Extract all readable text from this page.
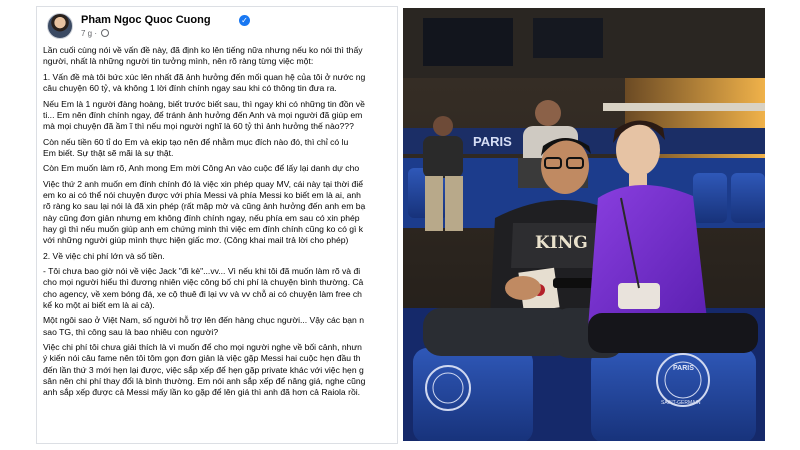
Pham Ngoc Quoc Cuong	✓
7 g ·

Lần cuối cùng nói về vấn đề này, đã định ko lên tiếng nữa nhưng nếu ko nói thì thấy

người, nhất là những người tin tưởng mình, nên rõ ràng từng việc một:

1. Vấn đề mà tôi bức xúc lên nhất đã ảnh hưởng đến mối quan hệ của tôi ở nước ng

câu chuyện 60 tỷ, và không 1 lời đính chính ngay sau khi có thông tin đưa ra.

Nếu Em là 1 người đàng hoàng, biết trước biết sau, thì ngay khi có những tin đồn về

ti... Em nên đính chính ngay, để tránh ảnh hưởng đến Anh và mọi người đã giúp em

mà mọi chuyện đã ầm ĩ thì nếu mọi người nghĩ là 60 tỷ thì ảnh hưởng thế nào???

Còn nếu tiền 60 tỉ do Em và ekip tạo nên để nhằm mục đích nào đó, thì chỉ có lu

Em biết. Sự thật sẽ mãi là sự thật.

Còn Em muốn làm rõ, Anh mong Em mời Công An vào cuộc để lấy lại danh dự cho

Việc thứ 2 anh muốn em đính chính đó là việc xin phép quay MV, cái này tại thời điể

em ko ai có thể nói chuyện được với phía Messi và phía Messi ko biết em là ai, anh

rõ ràng ko sau lại nói là đã xin phép (rất mập mờ và cũng ảnh hưởng đến anh em bạ

này cũng đơn giản nhưng em không đính chính ngay, nếu phía em sau có xin phép

hay gì thì nếu muốn giúp anh em chứng minh thì việc em đính chính cũng ko có gì k

với những người giúp mình thực hiện giấc mơ. (Công khai mail trả lời cho phép)

2. Về việc chi phí lớn và số tiền.

- Tôi chưa bao giờ nói về việc Jack "đi kè"...vv... Vì nếu khi tôi đã muốn làm rõ và đi

cho mọi người hiểu thì đương nhiên việc công bố chi phí là chuyện bình thường. Cả

cho agency, về xem bóng đá, xe cộ thuê đi lại vv và vv chỗ ai có chuyện làm free ch

kể ko một ai biết em là ai cả).

Một ngôi sao ở Việt Nam, số người hỗ trợ lên đến hàng chục người... Vậy các bạn n

sao TG, thì công sau là bao nhiêu con người?

Việc chi phí tôi chưa giải thích là vì muốn để cho mọi người nghe về bối cảnh, nhưn

ý kiến nói câu fame nên tôi tôm gọn đơn giản là việc gặp Messi hai cuộc hẹn đầu th

đến lần thứ 3 mới hẹn lại được, việc sắp xếp để hẹn gặp private khác với việc hẹn g

sân nên chi phí thay đổi là bình thường. Em nói anh sắp xếp để nâng giá, nghe cũng

anh sắp xếp được cả Messi mấy lần ko gặp để lên giá thì anh đã hơn cả Raiola rồi.

PARIS
PARIS
SAINT-GERMAIN
KING
